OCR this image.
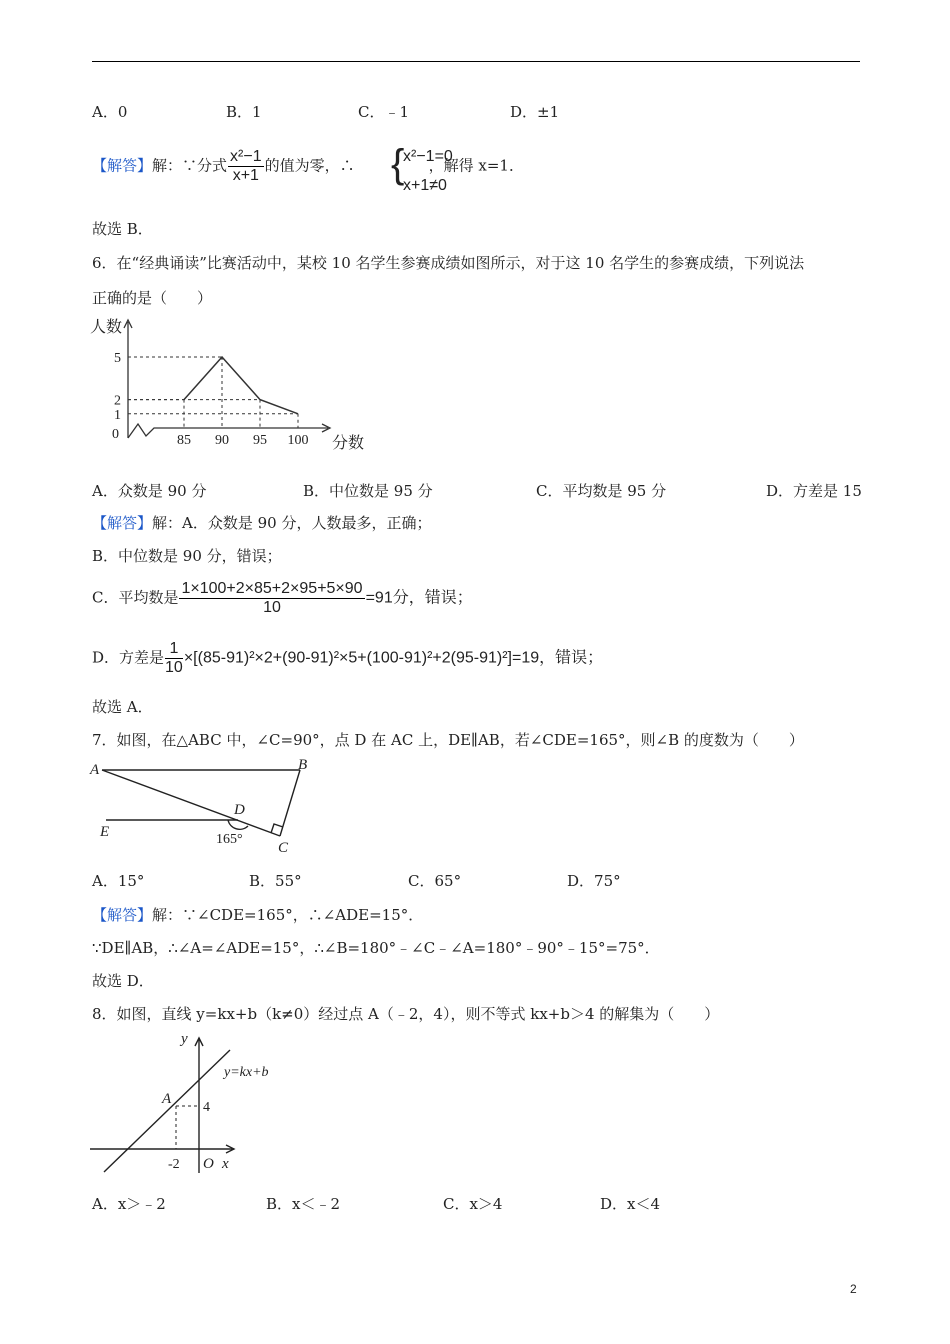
A．0	B．1	C．﹣1	D．±1
【解答】解：∵分式 $\frac{\text{x²−1}}{x+1}$ 的值为零，∴	，解得 x=1．
{
x²−1=0
x+1≠0
故选 B．
6．在“经典诵读”比赛活动中，某校 10 名学生参赛成绩如图所示，对于这 10 名学生的参赛成绩，下列说法
正确的是（　　）
0
1
2
5
85 90 95 100
人数
分数
A．众数是 90 分	B．中位数是 95 分	C．平均数是 95 分	D．方差是 15
【解答】解：A．众数是 90 分，人数最多，正确；
B．中位数是 90 分，错误；
C．平均数是 $\frac{1\times 100+2\times 85+2\times 95+5\times 90}{10} =91$分，错误；
D．方差是 $\frac{1}{10} \times[(85-91)^2\times 2+(90-91)^2\times 5+(100-91)^2+2(95-91)^2]=19$，错误；
故选 A．
7．如图，在△ABC 中，∠C=90°，点 D 在 AC 上，DE∥AB，若∠CDE=165°，则∠B 的度数为（　　）
A	B
C
D
E	165°
A．15°	B．55°	C．65°	D．75°
【解答】解：∵∠CDE=165°，∴∠ADE=15°．
∵DE∥AB，∴∠A=∠ADE=15°，∴∠B=180°﹣∠C﹣∠A=180°﹣90°﹣15°=75°．
故选 D．
8．如图，直线 y=kx+b（k≠0）经过点 A（﹣2，4），则不等式 kx+b＞4 的解集为（　　）
y
x
O
A
y=kx+b
4
-2
A．x＞﹣2	B．x＜﹣2	C．x＞4	D．x＜4
2
